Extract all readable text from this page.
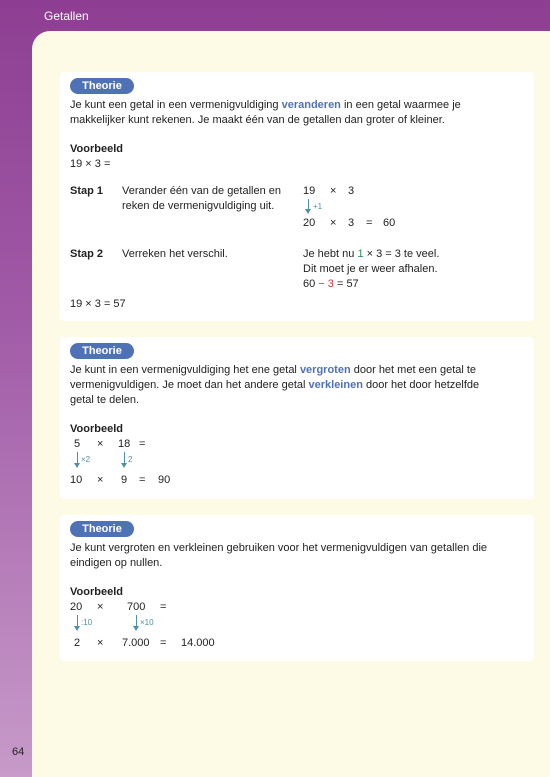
Getallen
Theorie
Je kunt een getal in een vermenigvuldiging veranderen in een getal waarmee je
makkelijker kunt rekenen. Je maakt één van de getallen dan groter of kleiner.
Voorbeeld
19 × 3 =
Stap 1 Verander één van de getallen en
reken de vermenigvuldiging uit.
19 × 3
+1
20 × 3 = 60
Stap 2 Verreken het verschil.	Je hebt nu 1 × 3 = 3 te veel.
Dit moet je er weer afhalen.
60 − 3 = 57
19 × 3 = 57
Theorie
Je kunt in een vermenigvuldiging het ene getal vergroten door het met een getal te
vermenigvuldigen. Je moet dan het andere getal verkleinen door het door hetzelfde
getal te delen.
Voorbeeld
5 × 18 =
×2	2
10 × 9 = 90
Theorie
Je kunt vergroten en verkleinen gebruiken voor het vermenigvuldigen van getallen die
eindigen op nullen.
Voorbeeld
20 × 700 =
:10	×10
2 × 7.000 = 14.000
64
